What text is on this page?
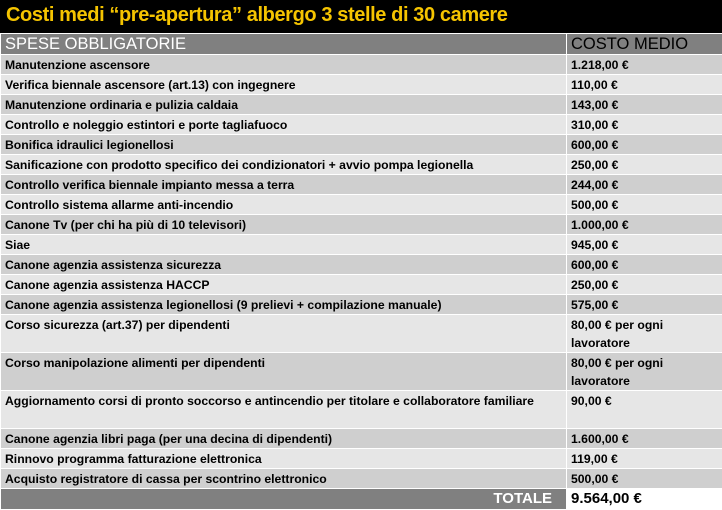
Costi medi “pre-apertura” albergo 3 stelle di 30 camere
SPESE OBBLIGATORIE	COSTO MEDIO
Manutenzione ascensore	1.218,00 €
Verifica biennale ascensore (art.13) con ingegnere	110,00 €
Manutenzione ordinaria e pulizia caldaia	143,00 €
Controllo e noleggio estintori e porte tagliafuoco	310,00 €
Bonifica idraulici legionellosi	600,00 €
Sanificazione con prodotto specifico dei condizionatori + avvio pompa legionella	250,00 €
Controllo verifica biennale impianto messa a terra	244,00 €
Controllo sistema allarme anti-incendio	500,00 €
Canone Tv (per chi ha più di 10 televisori)	1.000,00 €
Siae	945,00 €
Canone agenzia assistenza sicurezza	600,00 €
Canone agenzia assistenza HACCP	250,00 €
Canone agenzia assistenza legionellosi (9 prelievi + compilazione manuale)	575,00 €
Corso sicurezza (art.37) per dipendenti	80,00 € per ogni lavoratore
Corso manipolazione alimenti per dipendenti	80,00 € per ogni lavoratore
Aggiornamento corsi di pronto soccorso e antincendio per titolare e collaboratore familiare	90,00 €
Canone agenzia libri paga (per una decina di dipendenti)	1.600,00 €
Rinnovo programma fatturazione elettronica	119,00 €
Acquisto registratore di cassa per scontrino elettronico	500,00 €
TOTALE	9.564,00 €
